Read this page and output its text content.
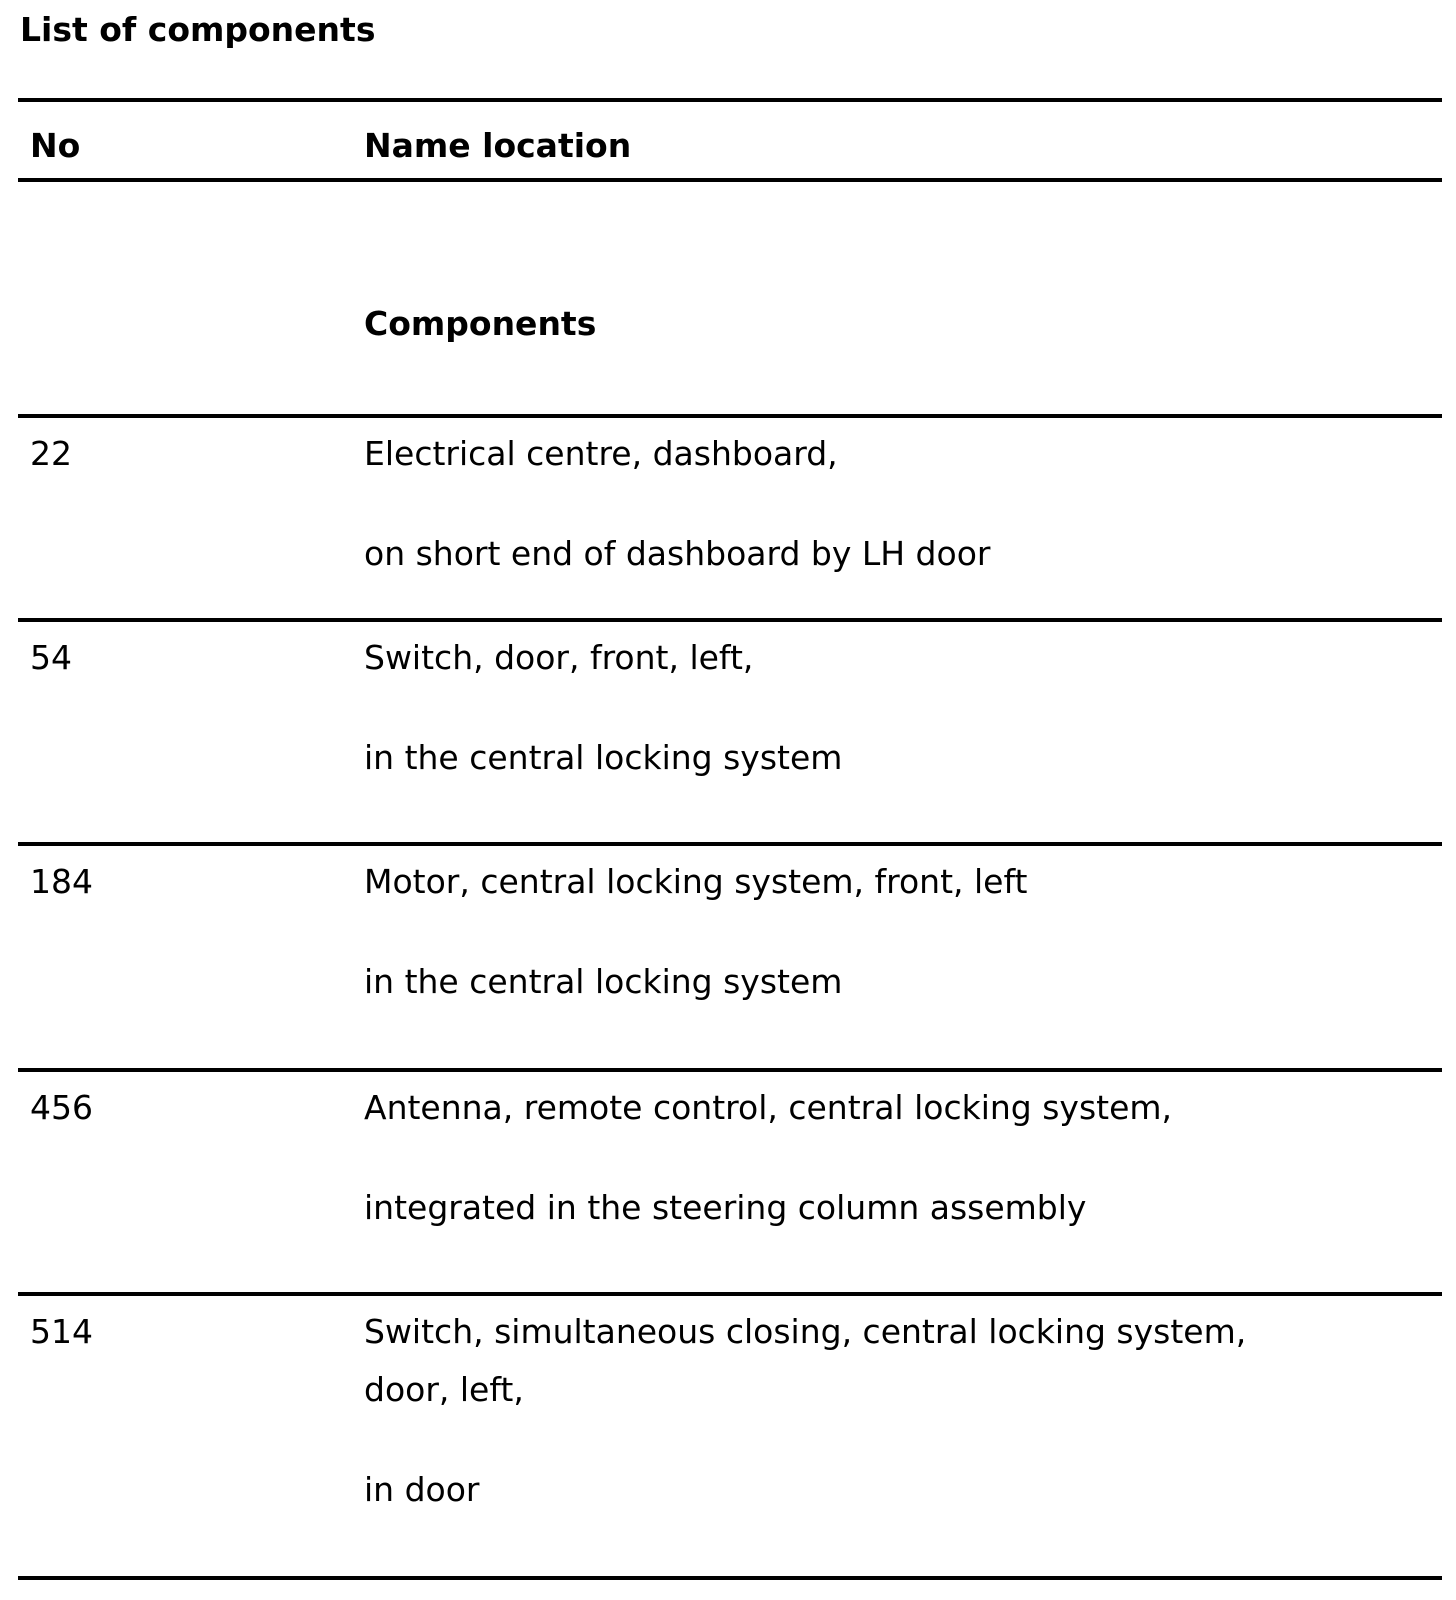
List of components
No	Name location
Components
22	Electrical centre, dashboard,
on short end of dashboard by LH door
54	Switch, door, front, left,
in the central locking system
184	Motor, central locking system, front, left
in the central locking system
456	Antenna, remote control, central locking system,
integrated in the steering column assembly
514	Switch, simultaneous closing, central locking system,
door, left,
in door
